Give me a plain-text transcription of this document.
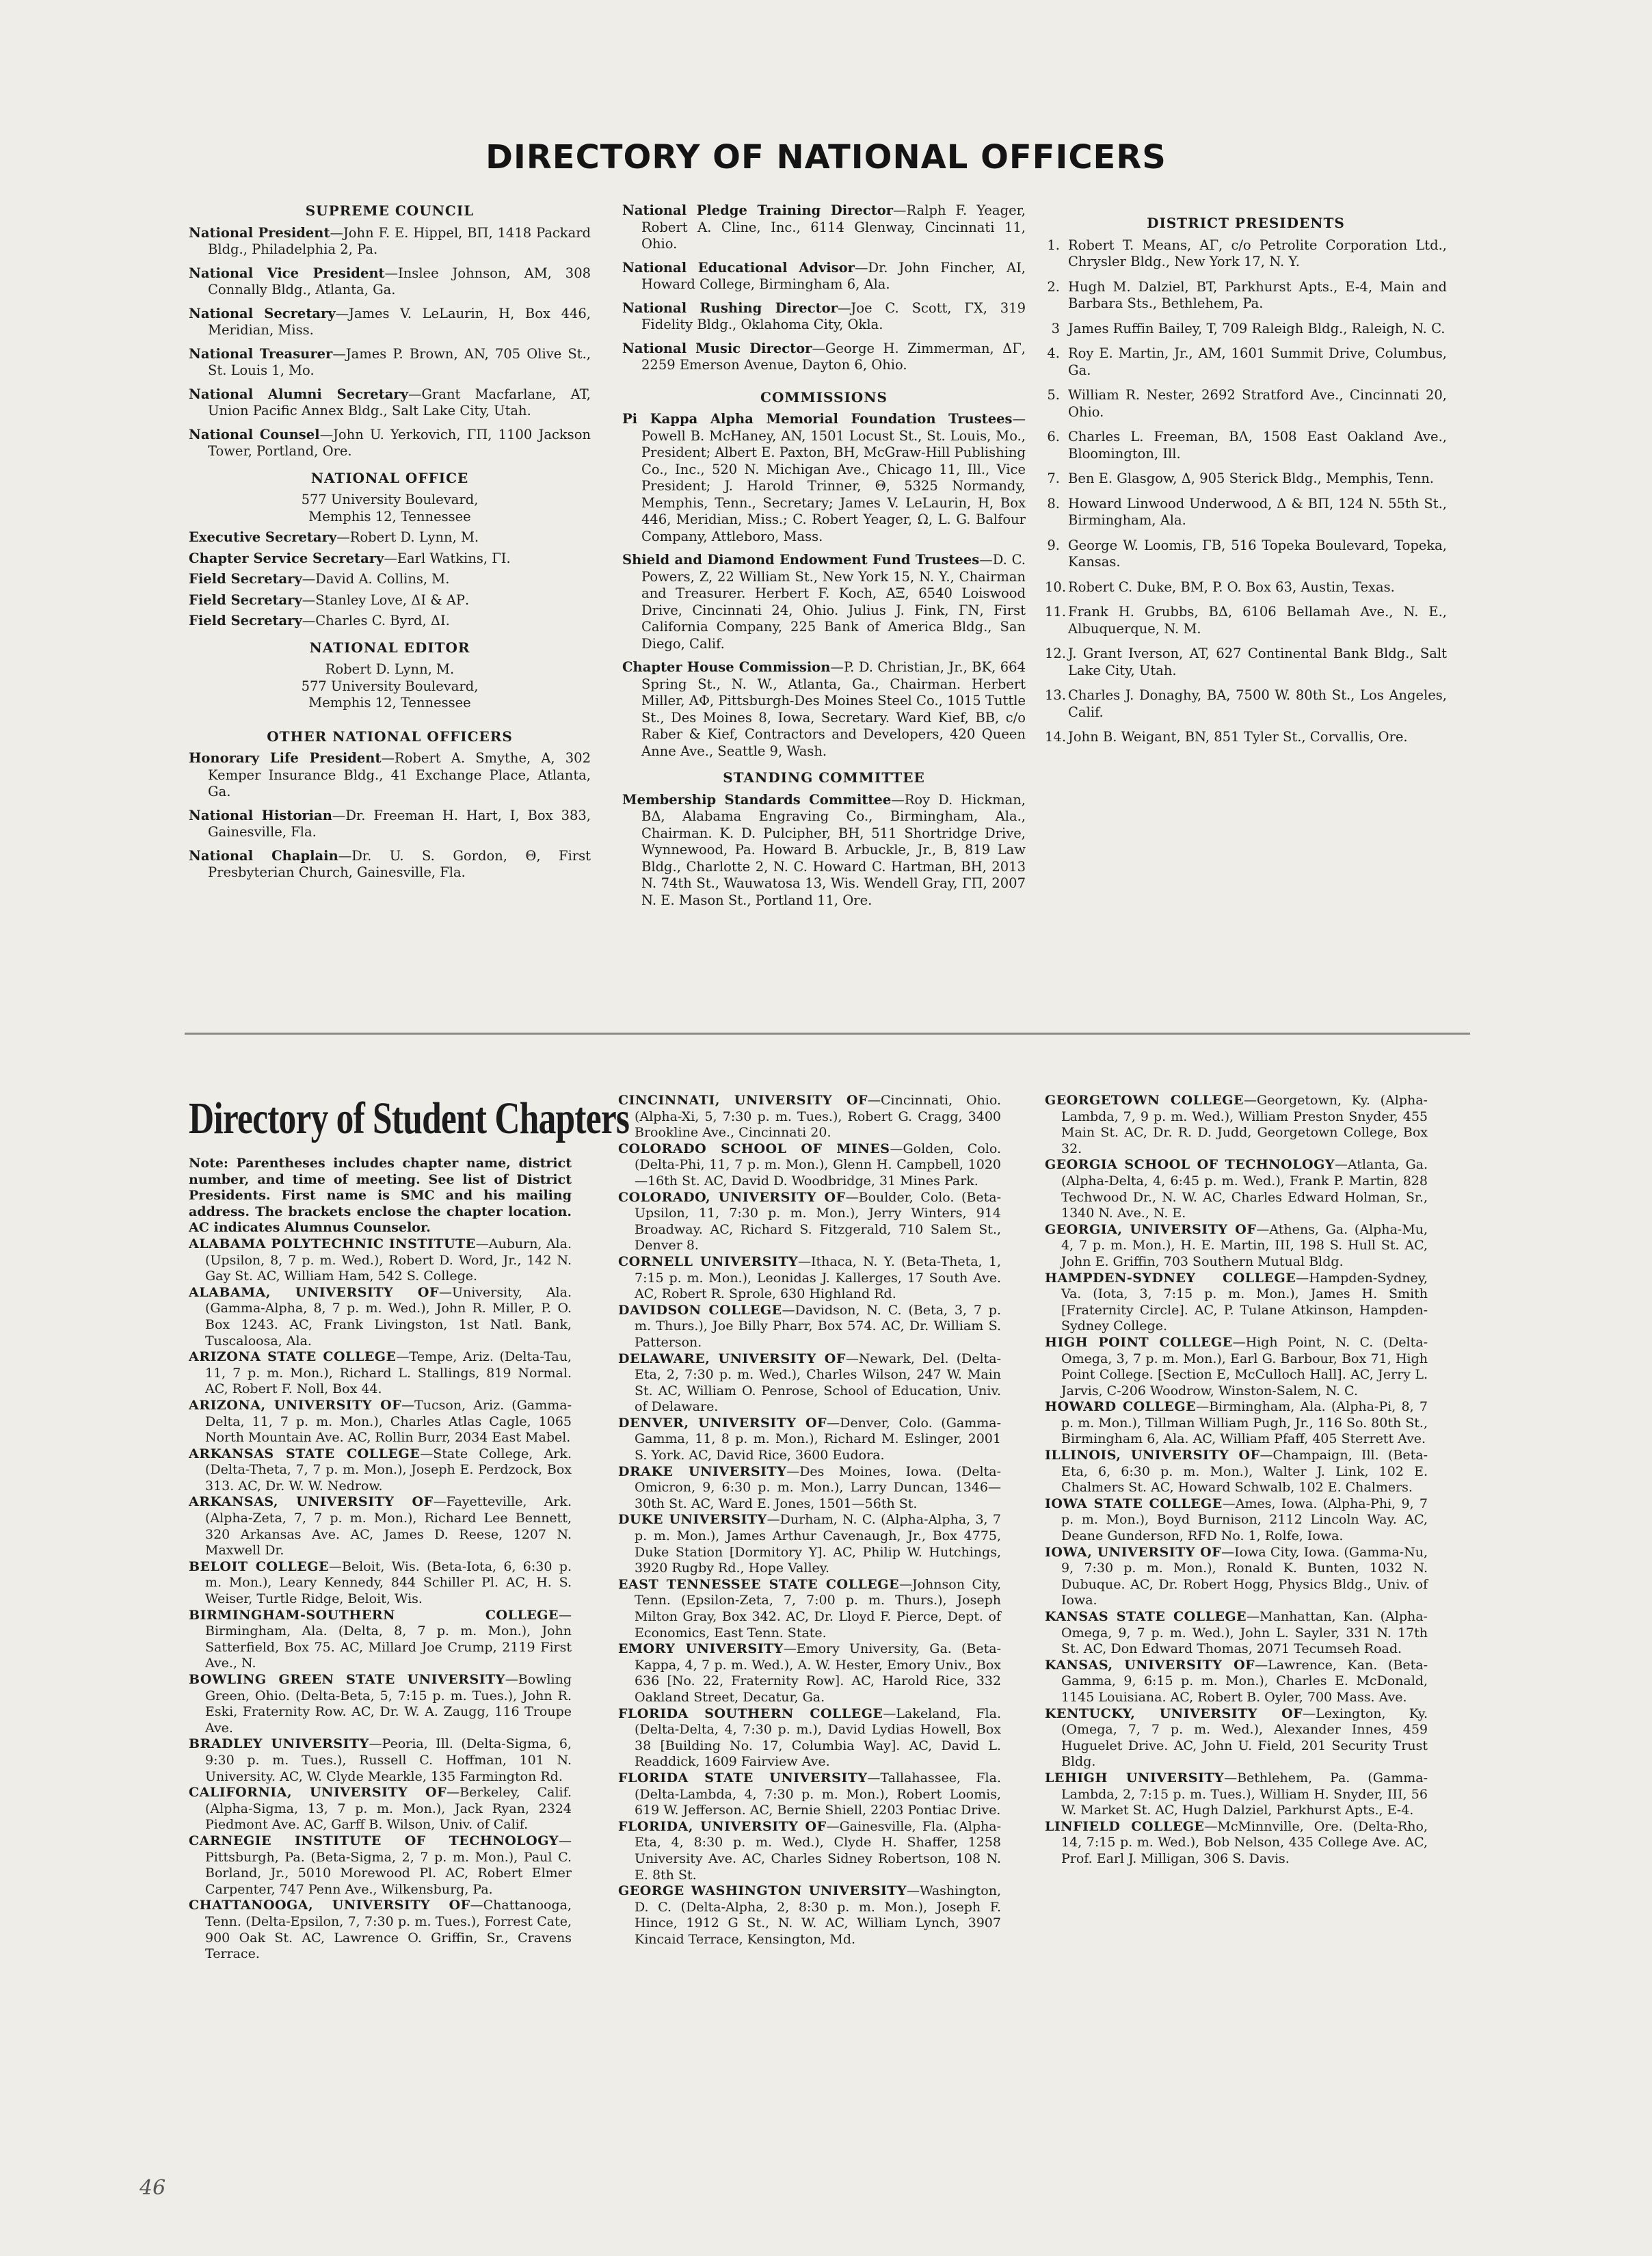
DIRECTORY OF NATIONAL OFFICERS
SUPREME COUNCIL
National President—John F. E. Hippel, BΠ, 1418 Packard Bldg., Philadelphia 2, Pa.
National Vice President—Inslee Johnson, AM, 308 Connally Bldg., Atlanta, Ga.
National Secretary—James V. LeLaurin, H, Box 446, Meridian, Miss.
National Treasurer—James P. Brown, AN, 705 Olive St., St. Louis 1, Mo.
National Alumni Secretary—Grant Macfarlane, AT, Union Pacific Annex Bldg., Salt Lake City, Utah.
National Counsel—John U. Yerkovich, ΓΠ, 1100 Jackson Tower, Portland, Ore.
NATIONAL OFFICE
577 University Boulevard,
Memphis 12, Tennessee
Executive Secretary—Robert D. Lynn, M.
Chapter Service Secretary—Earl Watkins, ΓΙ.
Field Secretary—David A. Collins, M.
Field Secretary—Stanley Love, ΔΙ & ΑΡ.
Field Secretary—Charles C. Byrd, ΔΙ.
NATIONAL EDITOR
Robert D. Lynn, M.
577 University Boulevard,
Memphis 12, Tennessee
OTHER NATIONAL OFFICERS
Honorary Life President—Robert A. Smythe, A, 302 Kemper Insurance Bldg., 41 Exchange Place, Atlanta, Ga.
National Historian—Dr. Freeman H. Hart, I, Box 383, Gainesville, Fla.
National Chaplain—Dr. U. S. Gordon, Θ, First Presbyterian Church, Gainesville, Fla.
National Pledge Training Director—Ralph F. Yeager, Robert A. Cline, Inc., 6114 Glenway, Cincinnati 11, Ohio.
National Educational Advisor—Dr. John Fincher, AI, Howard College, Birmingham 6, Ala.
National Rushing Director—Joe C. Scott, ΓΧ, 319 Fidelity Bldg., Oklahoma City, Okla.
National Music Director—George H. Zimmerman, ΔΓ, 2259 Emerson Avenue, Dayton 6, Ohio.
COMMISSIONS
Pi Kappa Alpha Memorial Foundation Trustees—Powell B. McHaney, AN, 1501 Locust St., St. Louis, Mo., President; Albert E. Paxton, BH, McGraw-Hill Publishing Co., Inc., 520 N. Michigan Ave., Chicago 11, Ill., Vice President; J. Harold Trinner, Θ, 5325 Normandy, Memphis, Tenn., Secretary; James V. LeLaurin, H, Box 446, Meridian, Miss.; C. Robert Yeager, Ω, L. G. Balfour Company, Attleboro, Mass.
Shield and Diamond Endowment Fund Trustees—D. C. Powers, Z, 22 William St., New York 15, N. Y., Chairman and Treasurer. Herbert F. Koch, ΑΞ, 6540 Loiswood Drive, Cincinnati 24, Ohio. Julius J. Fink, ΓΝ, First California Company, 225 Bank of America Bldg., San Diego, Calif.
Chapter House Commission—P. D. Christian, Jr., BK, 664 Spring St., N. W., Atlanta, Ga., Chairman. Herbert Miller, ΑΦ, Pittsburgh-Des Moines Steel Co., 1015 Tuttle St., Des Moines 8, Iowa, Secretary. Ward Kief, BB, c/o Raber & Kief, Contractors and Developers, 420 Queen Anne Ave., Seattle 9, Wash.
STANDING COMMITTEE
Membership Standards Committee—Roy D. Hickman, BΔ, Alabama Engraving Co., Birmingham, Ala., Chairman. K. D. Pulcipher, BH, 511 Shortridge Drive, Wynnewood, Pa. Howard B. Arbuckle, Jr., B, 819 Law Bldg., Charlotte 2, N. C. Howard C. Hartman, BH, 2013 N. 74th St., Wauwatosa 13, Wis. Wendell Gray, ΓΠ, 2007 N. E. Mason St., Portland 11, Ore.
DISTRICT PRESIDENTS
1. Robert T. Means, ΑΓ, c/o Petrolite Corporation Ltd., Chrysler Bldg., New York 17, N. Y.
2. Hugh M. Dalziel, BT, Parkhurst Apts., E-4, Main and Barbara Sts., Bethlehem, Pa.
3 James Ruffin Bailey, T, 709 Raleigh Bldg., Raleigh, N. C.
4. Roy E. Martin, Jr., AM, 1601 Summit Drive, Columbus, Ga.
5. William R. Nester, 2692 Stratford Ave., Cincinnati 20, Ohio.
6. Charles L. Freeman, BΛ, 1508 East Oakland Ave., Bloomington, Ill.
7. Ben E. Glasgow, Δ, 905 Sterick Bldg., Memphis, Tenn.
8. Howard Linwood Underwood, Δ & BΠ, 124 N. 55th St., Birmingham, Ala.
9. George W. Loomis, ΓΒ, 516 Topeka Boulevard, Topeka, Kansas.
10. Robert C. Duke, BM, P. O. Box 63, Austin, Texas.
11. Frank H. Grubbs, BΔ, 6106 Bellamah Ave., N. E., Albuquerque, N. M.
12. J. Grant Iverson, AT, 627 Continental Bank Bldg., Salt Lake City, Utah.
13. Charles J. Donaghy, BA, 7500 W. 80th St., Los Angeles, Calif.
14. John B. Weigant, BN, 851 Tyler St., Corvallis, Ore.
Directory of Student Chapters
Note: Parentheses includes chapter name, district number, and time of meeting. See list of District Presidents. First name is SMC and his mailing address. The brackets enclose the chapter location. AC indicates Alumnus Counselor.
ALABAMA POLYTECHNIC INSTITUTE—Auburn, Ala. (Upsilon, 8, 7 p. m. Wed.), Robert D. Word, Jr., 142 N. Gay St. AC, William Ham, 542 S. College.
ALABAMA, UNIVERSITY OF—University, Ala. (Gamma-Alpha, 8, 7 p. m. Wed.), John R. Miller, P. O. Box 1243. AC, Frank Livingston, 1st Natl. Bank, Tuscaloosa, Ala.
ARIZONA STATE COLLEGE—Tempe, Ariz. (Delta-Tau, 11, 7 p. m. Mon.), Richard L. Stallings, 819 Normal. AC, Robert F. Noll, Box 44.
ARIZONA, UNIVERSITY OF—Tucson, Ariz. (Gamma-Delta, 11, 7 p. m. Mon.), Charles Atlas Cagle, 1065 North Mountain Ave. AC, Rollin Burr, 2034 East Mabel.
ARKANSAS STATE COLLEGE—State College, Ark. (Delta-Theta, 7, 7 p. m. Mon.), Joseph E. Perdzock, Box 313. AC, Dr. W. W. Nedrow.
ARKANSAS, UNIVERSITY OF—Fayetteville, Ark. (Alpha-Zeta, 7, 7 p. m. Mon.), Richard Lee Bennett, 320 Arkansas Ave. AC, James D. Reese, 1207 N. Maxwell Dr.
BELOIT COLLEGE—Beloit, Wis. (Beta-Iota, 6, 6:30 p. m. Mon.), Leary Kennedy, 844 Schiller Pl. AC, H. S. Weiser, Turtle Ridge, Beloit, Wis.
BIRMINGHAM-SOUTHERN COLLEGE—Birmingham, Ala. (Delta, 8, 7 p. m. Mon.), John Satterfield, Box 75. AC, Millard Joe Crump, 2119 First Ave., N.
BOWLING GREEN STATE UNIVERSITY—Bowling Green, Ohio. (Delta-Beta, 5, 7:15 p. m. Tues.), John R. Eski, Fraternity Row. AC, Dr. W. A. Zaugg, 116 Troupe Ave.
BRADLEY UNIVERSITY—Peoria, Ill. (Delta-Sigma, 6, 9:30 p. m. Tues.), Russell C. Hoffman, 101 N. University. AC, W. Clyde Mearkle, 135 Farmington Rd.
CALIFORNIA, UNIVERSITY OF—Berkeley, Calif. (Alpha-Sigma, 13, 7 p. m. Mon.), Jack Ryan, 2324 Piedmont Ave. AC, Garff B. Wilson, Univ. of Calif.
CARNEGIE INSTITUTE OF TECHNOLOGY—Pittsburgh, Pa. (Beta-Sigma, 2, 7 p. m. Mon.), Paul C. Borland, Jr., 5010 Morewood Pl. AC, Robert Elmer Carpenter, 747 Penn Ave., Wilkensburg, Pa.
CHATTANOOGA, UNIVERSITY OF—Chattanooga, Tenn. (Delta-Epsilon, 7, 7:30 p. m. Tues.), Forrest Cate, 900 Oak St. AC, Lawrence O. Griffin, Sr., Cravens Terrace.
CINCINNATI, UNIVERSITY OF—Cincinnati, Ohio. (Alpha-Xi, 5, 7:30 p. m. Tues.), Robert G. Cragg, 3400 Brookline Ave., Cincinnati 20.
COLORADO SCHOOL OF MINES—Golden, Colo. (Delta-Phi, 11, 7 p. m. Mon.), Glenn H. Campbell, 1020—16th St. AC, David D. Woodbridge, 31 Mines Park.
COLORADO, UNIVERSITY OF—Boulder, Colo. (Beta-Upsilon, 11, 7:30 p. m. Mon.), Jerry Winters, 914 Broadway. AC, Richard S. Fitzgerald, 710 Salem St., Denver 8.
CORNELL UNIVERSITY—Ithaca, N. Y. (Beta-Theta, 1, 7:15 p. m. Mon.), Leonidas J. Kallerges, 17 South Ave. AC, Robert R. Sprole, 630 Highland Rd.
DAVIDSON COLLEGE—Davidson, N. C. (Beta, 3, 7 p. m. Thurs.), Joe Billy Pharr, Box 574. AC, Dr. William S. Patterson.
DELAWARE, UNIVERSITY OF—Newark, Del. (Delta-Eta, 2, 7:30 p. m. Wed.), Charles Wilson, 247 W. Main St. AC, William O. Penrose, School of Education, Univ. of Delaware.
DENVER, UNIVERSITY OF—Denver, Colo. (Gamma-Gamma, 11, 8 p. m. Mon.), Richard M. Eslinger, 2001 S. York. AC, David Rice, 3600 Eudora.
DRAKE UNIVERSITY—Des Moines, Iowa. (Delta-Omicron, 9, 6:30 p. m. Mon.), Larry Duncan, 1346—30th St. AC, Ward E. Jones, 1501—56th St.
DUKE UNIVERSITY—Durham, N. C. (Alpha-Alpha, 3, 7 p. m. Mon.), James Arthur Cavenaugh, Jr., Box 4775, Duke Station [Dormitory Y]. AC, Philip W. Hutchings, 3920 Rugby Rd., Hope Valley.
EAST TENNESSEE STATE COLLEGE—Johnson City, Tenn. (Epsilon-Zeta, 7, 7:00 p. m. Thurs.), Joseph Milton Gray, Box 342. AC, Dr. Lloyd F. Pierce, Dept. of Economics, East Tenn. State.
EMORY UNIVERSITY—Emory University, Ga. (Beta-Kappa, 4, 7 p. m. Wed.), A. W. Hester, Emory Univ., Box 636 [No. 22, Fraternity Row]. AC, Harold Rice, 332 Oakland Street, Decatur, Ga.
FLORIDA SOUTHERN COLLEGE—Lakeland, Fla. (Delta-Delta, 4, 7:30 p. m.), David Lydias Howell, Box 38 [Building No. 17, Columbia Way]. AC, David L. Readdick, 1609 Fairview Ave.
FLORIDA STATE UNIVERSITY—Tallahassee, Fla. (Delta-Lambda, 4, 7:30 p. m. Mon.), Robert Loomis, 619 W. Jefferson. AC, Bernie Shiell, 2203 Pontiac Drive.
FLORIDA, UNIVERSITY OF—Gainesville, Fla. (Alpha-Eta, 4, 8:30 p. m. Wed.), Clyde H. Shaffer, 1258 University Ave. AC, Charles Sidney Robertson, 108 N. E. 8th St.
GEORGE WASHINGTON UNIVERSITY—Washington, D. C. (Delta-Alpha, 2, 8:30 p. m. Mon.), Joseph F. Hince, 1912 G St., N. W. AC, William Lynch, 3907 Kincaid Terrace, Kensington, Md.
GEORGETOWN COLLEGE—Georgetown, Ky. (Alpha-Lambda, 7, 9 p. m. Wed.), William Preston Snyder, 455 Main St. AC, Dr. R. D. Judd, Georgetown College, Box 32.
GEORGIA SCHOOL OF TECHNOLOGY—Atlanta, Ga. (Alpha-Delta, 4, 6:45 p. m. Wed.), Frank P. Martin, 828 Techwood Dr., N. W. AC, Charles Edward Holman, Sr., 1340 N. Ave., N. E.
GEORGIA, UNIVERSITY OF—Athens, Ga. (Alpha-Mu, 4, 7 p. m. Mon.), H. E. Martin, III, 198 S. Hull St. AC, John E. Griffin, 703 Southern Mutual Bldg.
HAMPDEN-SYDNEY COLLEGE—Hampden-Sydney, Va. (Iota, 3, 7:15 p. m. Mon.), James H. Smith [Fraternity Circle]. AC, P. Tulane Atkinson, Hampden-Sydney College.
HIGH POINT COLLEGE—High Point, N. C. (Delta-Omega, 3, 7 p. m. Mon.), Earl G. Barbour, Box 71, High Point College. [Section E, McCulloch Hall]. AC, Jerry L. Jarvis, C-206 Woodrow, Winston-Salem, N. C.
HOWARD COLLEGE—Birmingham, Ala. (Alpha-Pi, 8, 7 p. m. Mon.), Tillman William Pugh, Jr., 116 So. 80th St., Birmingham 6, Ala. AC, William Pfaff, 405 Sterrett Ave.
ILLINOIS, UNIVERSITY OF—Champaign, Ill. (Beta-Eta, 6, 6:30 p. m. Mon.), Walter J. Link, 102 E. Chalmers St. AC, Howard Schwalb, 102 E. Chalmers.
IOWA STATE COLLEGE—Ames, Iowa. (Alpha-Phi, 9, 7 p. m. Mon.), Boyd Burnison, 2112 Lincoln Way. AC, Deane Gunderson, RFD No. 1, Rolfe, Iowa.
IOWA, UNIVERSITY OF—Iowa City, Iowa. (Gamma-Nu, 9, 7:30 p. m. Mon.), Ronald K. Bunten, 1032 N. Dubuque. AC, Dr. Robert Hogg, Physics Bldg., Univ. of Iowa.
KANSAS STATE COLLEGE—Manhattan, Kan. (Alpha-Omega, 9, 7 p. m. Wed.), John L. Sayler, 331 N. 17th St. AC, Don Edward Thomas, 2071 Tecumseh Road.
KANSAS, UNIVERSITY OF—Lawrence, Kan. (Beta-Gamma, 9, 6:15 p. m. Mon.), Charles E. McDonald, 1145 Louisiana. AC, Robert B. Oyler, 700 Mass. Ave.
KENTUCKY, UNIVERSITY OF—Lexington, Ky. (Omega, 7, 7 p. m. Wed.), Alexander Innes, 459 Huguelet Drive. AC, John U. Field, 201 Security Trust Bldg.
LEHIGH UNIVERSITY—Bethlehem, Pa. (Gamma-Lambda, 2, 7:15 p. m. Tues.), William H. Snyder, III, 56 W. Market St. AC, Hugh Dalziel, Parkhurst Apts., E-4.
LINFIELD COLLEGE—McMinnville, Ore. (Delta-Rho, 14, 7:15 p. m. Wed.), Bob Nelson, 435 College Ave. AC, Prof. Earl J. Milligan, 306 S. Davis.
46
